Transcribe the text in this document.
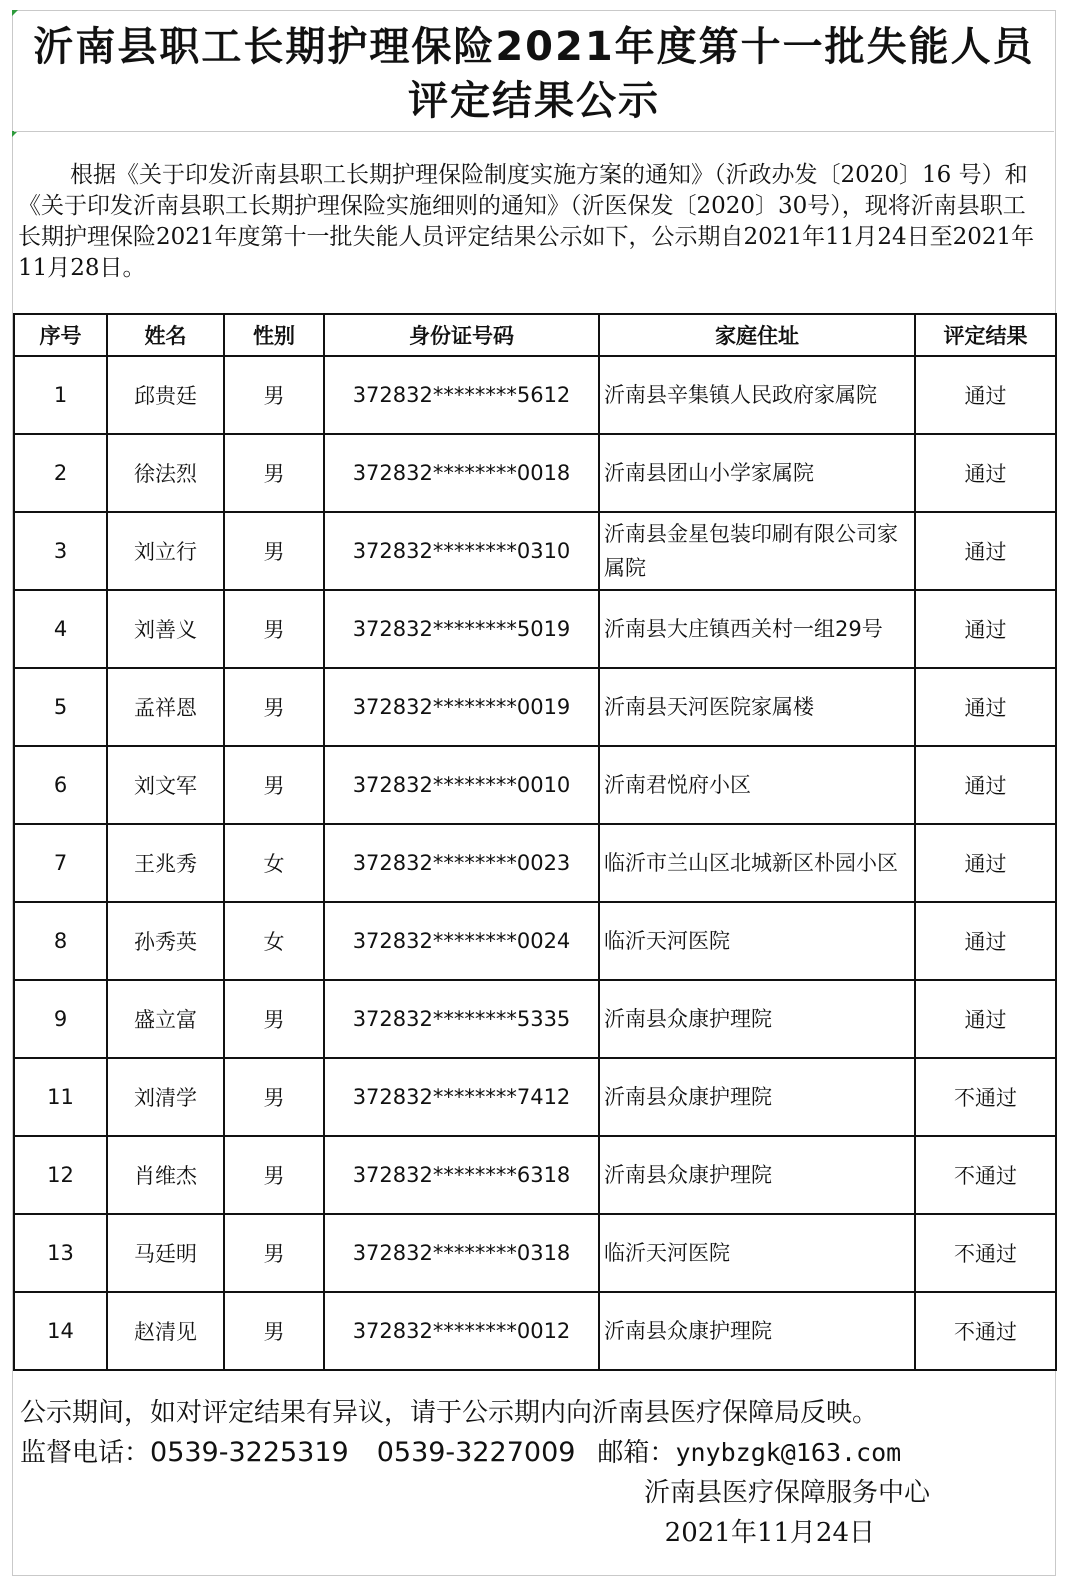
沂南县职工长期护理保险2021年度第十一批失能人员评定结果公示

根据《关于印发沂南县职工长期护理保险制度实施方案的通知》（沂政办发〔2020〕16 号）和《关于印发沂南县职工长期护理保险实施细则的通知》（沂医保发〔2020〕30号），现将沂南县职工长期护理保险2021年度第十一批失能人员评定结果公示如下，公示期自2021年11月24日至2021年11月28日。

序号	姓名	性别	身份证号码	家庭住址	评定结果
1	邱贵廷	男	372832********5612	沂南县辛集镇人民政府家属院	通过
2	徐法烈	男	372832********0018	沂南县团山小学家属院	通过
3	刘立行	男	372832********0310	沂南县金星包装印刷有限公司家属院	通过
4	刘善义	男	372832********5019	沂南县大庄镇西关村一组29号	通过
5	孟祥恩	男	372832********0019	沂南县天河医院家属楼	通过
6	刘文军	男	372832********0010	沂南君悦府小区	通过
7	王兆秀	女	372832********0023	临沂市兰山区北城新区朴园小区	通过
8	孙秀英	女	372832********0024	临沂天河医院	通过
9	盛立富	男	372832********5335	沂南县众康护理院	通过
11	刘清学	男	372832********7412	沂南县众康护理院	不通过
12	肖维杰	男	372832********6318	沂南县众康护理院	不通过
13	马廷明	男	372832********0318	临沂天河医院	不通过
14	赵清见	男	372832********0012	沂南县众康护理院	不通过
公示期间，如对评定结果有异议，请于公示期内向沂南县医疗保障局反映。
监督电话：0539-3225319 0539-3227009 邮箱：ynybzgk@163.com
沂南县医疗保障服务中心
2021年11月24日
